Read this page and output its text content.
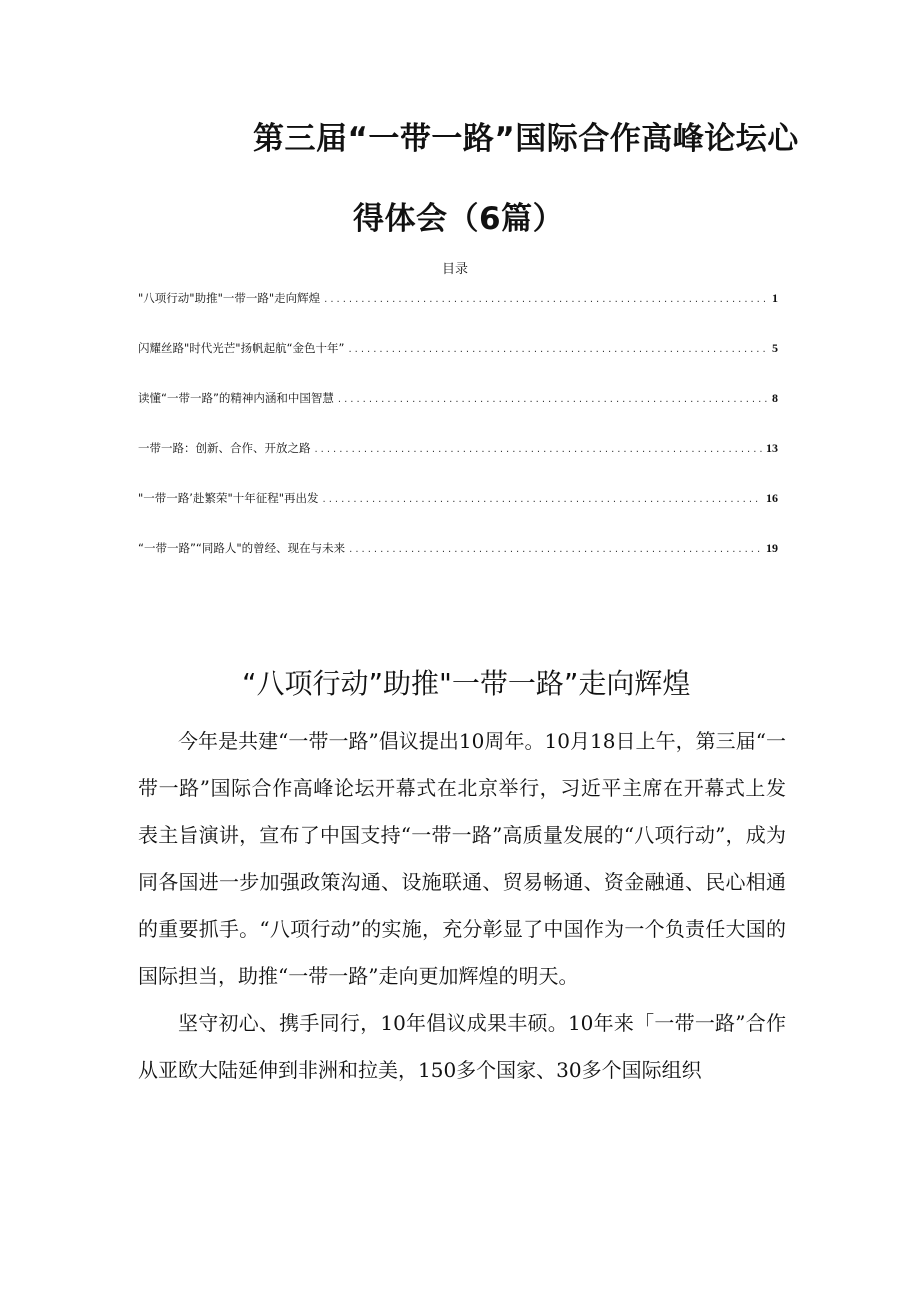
第三届“一带一路”国际合作高峰论坛心
得体会（6篇）
目录
"八项行动"助推"一带一路"走向辉煌 .....	1
闪耀丝路"时代光芒"扬帆起航“金色十年” .....	5
读懂“一带一路”的精神内涵和中国智慧 .....	8
一带一路：创新、合作、开放之路 .....	13
"一带一路’赴繁荣"十年征程"再出发 .....	16
“一带一路”“同路人"的曾经、现在与未来 .....	19
“八项行动”助推"一带一路”走向辉煌

今年是共建“一带一路”倡议提出10周年。10月18日上午，第三届“一带一路”国际合作高峰论坛开幕式在北京举行，习近平主席在开幕式上发表主旨演讲，宣布了中国支持“一带一路”高质量发展的“八项行动”，成为同各国进一步加强政策沟通、设施联通、贸易畅通、资金融通、民心相通的重要抓手。“八项行动”的实施，充分彰显了中国作为一个负责任大国的国际担当，助推“一带一路”走向更加辉煌的明天。

坚守初心、携手同行，10年倡议成果丰硕。10年来「一带一路”合作从亚欧大陆延伸到非洲和拉美，150多个国家、30多个国际组织
